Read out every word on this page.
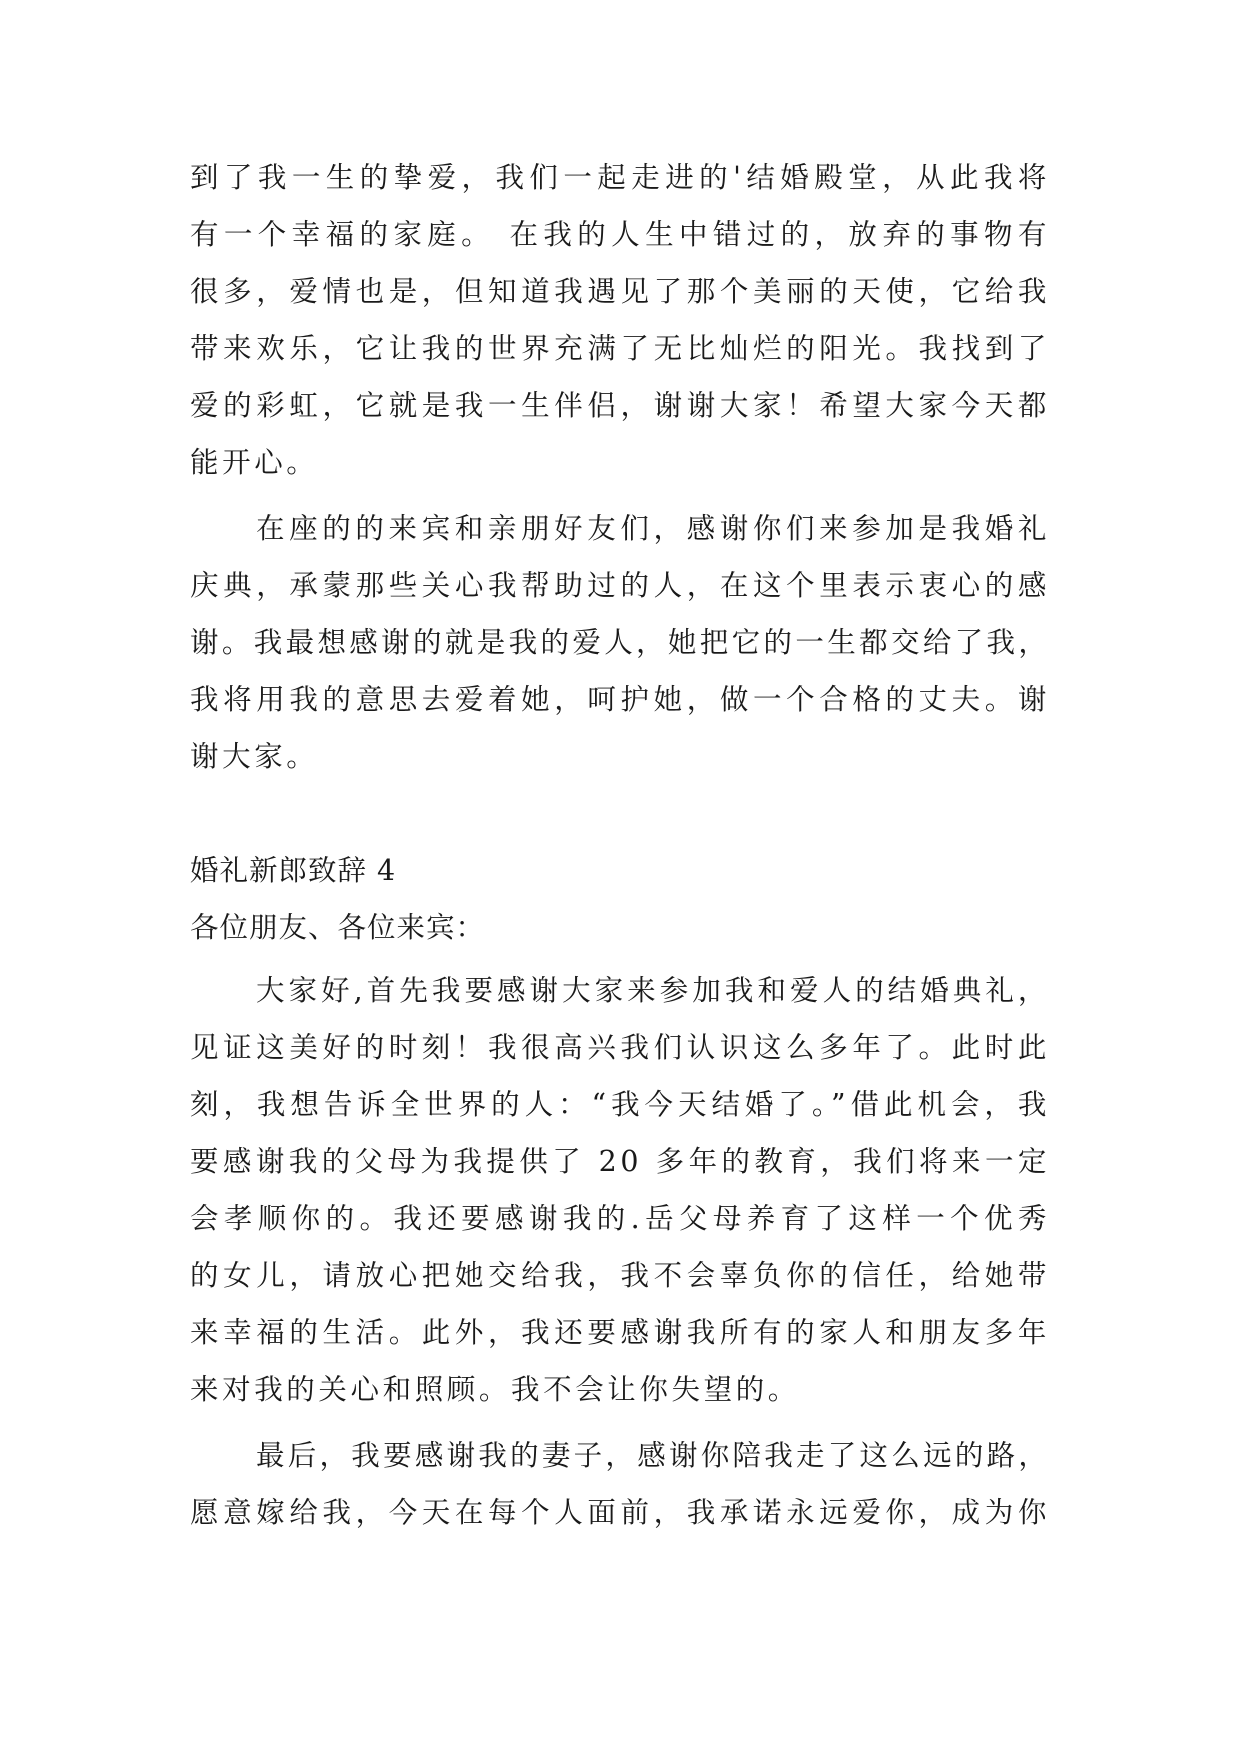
到了我一生的挚爱，我们一起走进的'结婚殿堂，从此我将
有一个幸福的家庭。 在我的人生中错过的，放弃的事物有
很多，爱情也是，但知道我遇见了那个美丽的天使，它给我
带来欢乐，它让我的世界充满了无比灿烂的阳光。我找到了
爱的彩虹，它就是我一生伴侣，谢谢大家！希望大家今天都
能开心。
在座的的来宾和亲朋好友们，感谢你们来参加是我婚礼
庆典，承蒙那些关心我帮助过的人，在这个里表示衷心的感
谢。我最想感谢的就是我的爱人，她把它的一生都交给了我，
我将用我的意思去爱着她，呵护她，做一个合格的丈夫。谢
谢大家。
婚礼新郎致辞 4
各位朋友、各位来宾：
大家好,首先我要感谢大家来参加我和爱人的结婚典礼，
见证这美好的时刻！我很高兴我们认识这么多年了。此时此
刻，我想告诉全世界的人：“我今天结婚了。”借此机会，我
要感谢我的父母为我提供了 20 多年的教育，我们将来一定
会孝顺你的。我还要感谢我的.岳父母养育了这样一个优秀
的女儿，请放心把她交给我，我不会辜负你的信任，给她带
来幸福的生活。此外，我还要感谢我所有的家人和朋友多年
来对我的关心和照顾。我不会让你失望的。
最后，我要感谢我的妻子，感谢你陪我走了这么远的路，
愿意嫁给我，今天在每个人面前，我承诺永远爱你，成为你
